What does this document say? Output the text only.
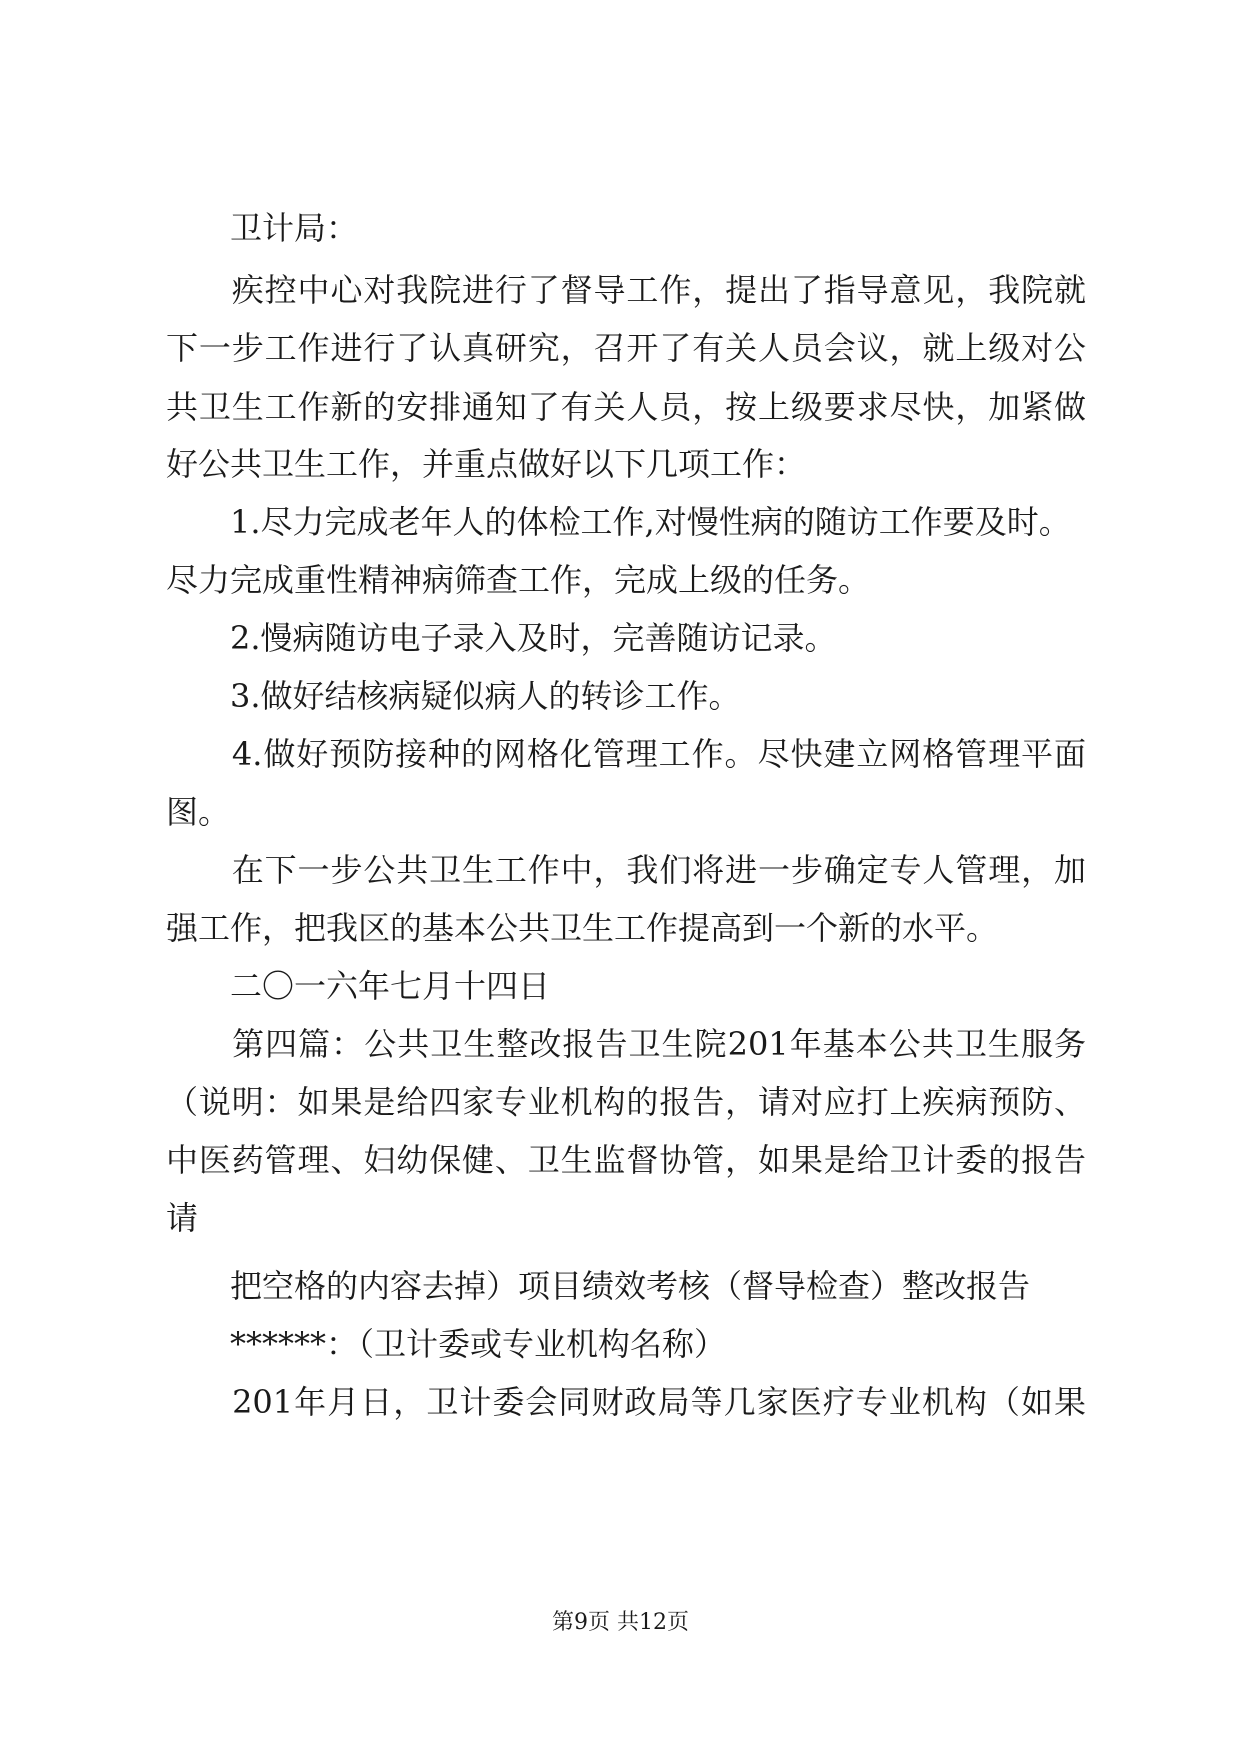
　　卫计局：
　　疾控中心对我院进行了督导工作，提出了指导意见，我院就
下一步工作进行了认真研究，召开了有关人员会议，就上级对公
共卫生工作新的安排通知了有关人员，按上级要求尽快，加紧做
好公共卫生工作，并重点做好以下几项工作：
　　1.尽力完成老年人的体检工作,对慢性病的随访工作要及时。
尽力完成重性精神病筛查工作，完成上级的任务。
　　2.慢病随访电子录入及时，完善随访记录。
　　3.做好结核病疑似病人的转诊工作。
　　4.做好预防接种的网格化管理工作。尽快建立网格管理平面
图。
　　在下一步公共卫生工作中，我们将进一步确定专人管理，加
强工作，把我区的基本公共卫生工作提高到一个新的水平。
　　二〇一六年七月十四日
　　第四篇：公共卫生整改报告卫生院201年基本公共卫生服务
（说明：如果是给四家专业机构的报告，请对应打上疾病预防、
中医药管理、妇幼保健、卫生监督协管，如果是给卫计委的报告
请
　　把空格的内容去掉）项目绩效考核（督导检查）整改报告
　　******：（卫计委或专业机构名称）
　　201年月日，卫计委会同财政局等几家医疗专业机构（如果
第9页 共12页
